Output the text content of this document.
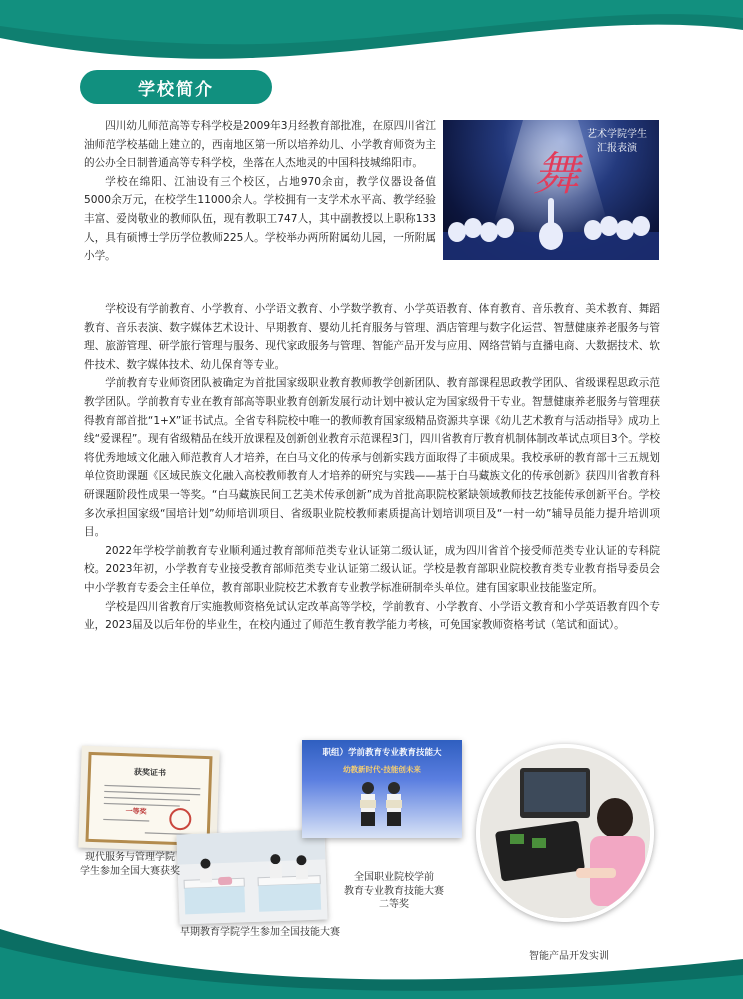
学校简介

四川幼儿师范高等专科学校是2009年3月经教育部批准，在原四川省江油师范学校基础上建立的，西南地区第一所以培养幼儿、小学教育师资为主的公办全日制普通高等专科学校，坐落在人杰地灵的中国科技城绵阳市。

学校在绵阳、江油设有三个校区，占地970余亩，教学仪器设备值5000余万元，在校学生11000余人。学校拥有一支学术水平高、教学经验丰富、爱岗敬业的教师队伍，现有教职工747人，其中副教授以上职称133人，具有硕博士学历学位教师225人。学校举办两所附属幼儿园，一所附属小学。

舞
艺术学院学生
汇报表演

学校设有学前教育、小学教育、小学语文教育、小学数学教育、小学英语教育、体育教育、音乐教育、美术教育、舞蹈教育、音乐表演、数字媒体艺术设计、早期教育、婴幼儿托育服务与管理、酒店管理与数字化运营、智慧健康养老服务与管理、旅游管理、研学旅行管理与服务、现代家政服务与管理、智能产品开发与应用、网络营销与直播电商、大数据技术、软件技术、数字媒体技术、幼儿保育等专业。

学前教育专业师资团队被确定为首批国家级职业教育教师教学创新团队、教育部课程思政教学团队、省级课程思政示范教学团队。学前教育专业在教育部高等职业教育创新发展行动计划中被认定为国家级骨干专业。智慧健康养老服务与管理获得教育部首批“1+X”证书试点。全省专科院校中唯一的教师教育国家级精品资源共享课《幼儿艺术教育与活动指导》成功上线“爱课程”。现有省级精品在线开放课程及创新创业教育示范课程3门，四川省教育厅教育机制体制改革试点项目3个。学校将优秀地域文化融入师范教育人才培养，在白马文化的传承与创新实践方面取得了丰硕成果。我校承研的教育部十三五规划单位资助课题《区域民族文化融入高校教师教育人才培养的研究与实践——基于白马藏族文化的传承创新》获四川省教育科研课题阶段性成果一等奖。“白马藏族民间工艺美术传承创新”成为首批高职院校紧缺领域教师技艺技能传承创新平台。学校多次承担国家级“国培计划”幼师培训项目、省级职业院校教师素质提高计划培训项目及“一村一幼”辅导员能力提升培训项目。

2022年学校学前教育专业顺利通过教育部师范类专业认证第二级认证，成为四川省首个接受师范类专业认证的专科院校。2023年初，小学教育专业接受教育部师范类专业认证第二级认证。学校是教育部职业院校教育类专业教育指导委员会中小学教育专委会主任单位，教育部职业院校艺术教育专业教学标准研制牵头单位。建有国家职业技能鉴定所。

学校是四川省教育厅实施教师资格免试认定改革高等学校，学前教育、小学教育、小学语文教育和小学英语教育四个专业，2023届及以后年份的毕业生，在校内通过了师范生教育教学能力考核，可免国家教师资格考试（笔试和面试）。

获奖证书
一等奖
职组）学前教育专业教育技能大
幼教新时代·技能创未来
现代服务与管理学院
学生参加全国大赛获奖
早期教育学院学生参加全国技能大赛
全国职业院校学前
教育专业教育技能大赛
二等奖
智能产品开发实训
